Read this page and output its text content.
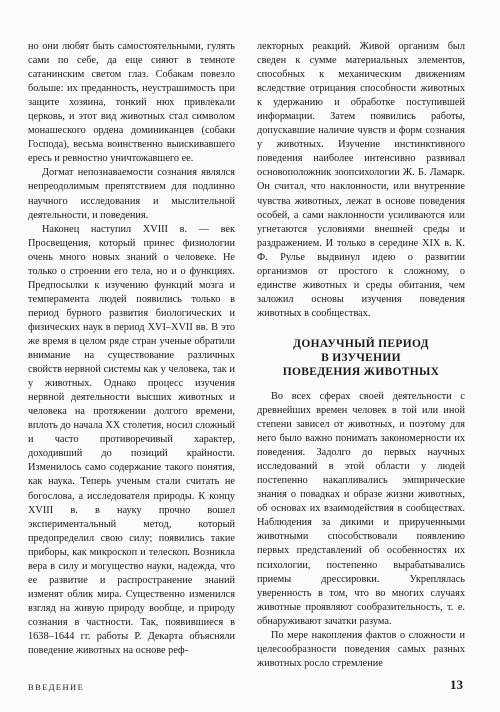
но они любят быть самостоятельными, гулять сами по себе, да еще сияют в темноте сатанинским светом глаз. Собакам повезло больше: их преданность, неустрашимость при защите хозяина, тонкий нюх привлекали церковь, и этот вид животных стал символом монашеского ордена доминиканцев (собаки Господа), весьма воинственно выискивавшего ересь и ревностно уничтожавшего ее.

Догмат непознаваемости сознания являлся непреодолимым препятствием для подлинно научного исследования и мыслительной деятельности, и поведения.

Наконец наступил XVIII в. — век Просвещения, который принес физиологии очень много новых знаний о человеке. Не только о строении его тела, но и о функциях. Предпосылки к изучению функций мозга и темперамента людей появились только в период бурного развития биологических и физических наук в период XVI–XVII вв. В это же время в целом ряде стран ученые обратили внимание на существование различных свойств нервной системы как у человека, так и у животных. Однако процесс изучения нервной деятельности высших животных и человека на протяжении долгого времени, вплоть до начала XX столетия, носил сложный и часто противоречивый характер, доходивший до позиций крайности. Изменилось само содержание такого понятия, как наука. Теперь ученым стали считать не богослова, а исследователя природы. К концу XVIII в. в науку прочно вошел экспериментальный метод, который предопределил свою силу; появились такие приборы, как микроскоп и телескоп. Возникла вера в силу и могущество науки, надежда, что ее развитие и распространение знаний изменят облик мира. Существенно изменился взгляд на живую природу вообще, и природу сознания в частности. Так, появившиеся в 1638–1644 гг. работы Р. Декарта объясняли поведение животных на основе реф-

лекторных реакций. Живой организм был сведен к сумме материальных элементов, способных к механическим движениям вследствие отрицания способности животных к удержанию и обработке поступившей информации. Затем появились работы, допускавшие наличие чувств и форм сознания у животных. Изучение инстинктивного поведения наиболее интенсивно развивал основоположник зоопсихологии Ж. Б. Ламарк. Он считал, что наклонности, или внутренние чувства животных, лежат в основе поведения особей, а сами наклонности усиливаются или угнетаются условиями внешней среды и раздражением. И только в середине XIX в. К. Ф. Рулье выдвинул идею о развитии организмов от простого к сложному, о единстве животных и среды обитания, чем заложил основы изучения поведения животных в сообществах.

ДОНАУЧНЫЙ ПЕРИОД
В ИЗУЧЕНИИ
ПОВЕДЕНИЯ ЖИВОТНЫХ

Во всех сферах своей деятельности с древнейших времен человек в той или иной степени зависел от животных, и поэтому для него было важно понимать закономерности их поведения. Задолго до первых научных исследований в этой области у людей постепенно накапливались эмпирические знания о повадках и образе жизни животных, об основах их взаимодействия в сообществах. Наблюдения за дикими и прирученными животными способствовали появлению первых представлений об особенностях их психологии, постепенно вырабатывались приемы дрессировки. Укреплялась уверенность в том, что во многих случаях животные проявляют сообразительность, т. е. обнаруживают зачатки разума.

По мере накопления фактов о сложности и целесообразности поведения самых разных животных росло стремление

ВВЕДЕНИЕ	13
